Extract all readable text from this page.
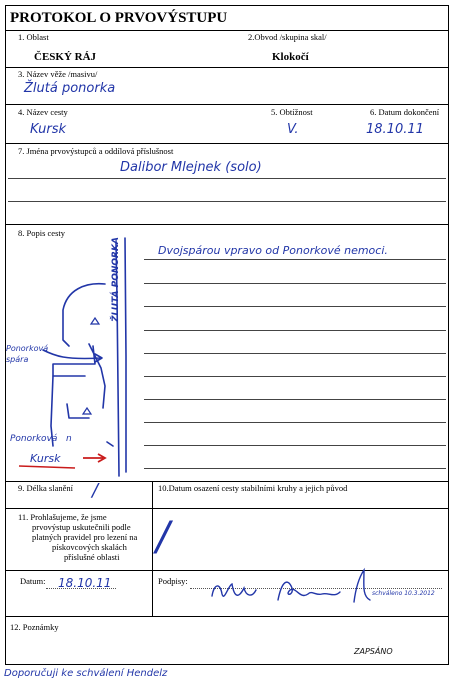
PROTOKOL O PRVOVÝSTUPU
1. Oblast	2.Obvod /skupina skal/
ČESKÝ RÁJ	Klokočí
3. Název věže /masivu/
Žlutá ponorka
4. Název cesty	5. Obtížnost	6. Datum dokončení
Kursk	V.	18.10.11
7. Jména prvovýstupců a oddílová příslušnost
Dalibor Mlejnek (solo)
8. Popis cesty
Dvojspárou vpravo od Ponorkové nemoci.
ŽLUTÁ PONORKA
Ponorková spára
Ponorková n
Kursk
9. Délka slanění	10.Datum osazení cesty stabilními kruhy a jejich původ
/
11. Prohlašujeme, že jsme
prvovýstup uskutečnili podle
platných pravidel pro lezení na
pískovcových skalách
příslušné oblasti /
Datum: 18.10.11	Podpisy:
schváleno 10.3.2012
12. Poznámky
ZAPSÁNO
Doporučuji ke schválení Hendelz
